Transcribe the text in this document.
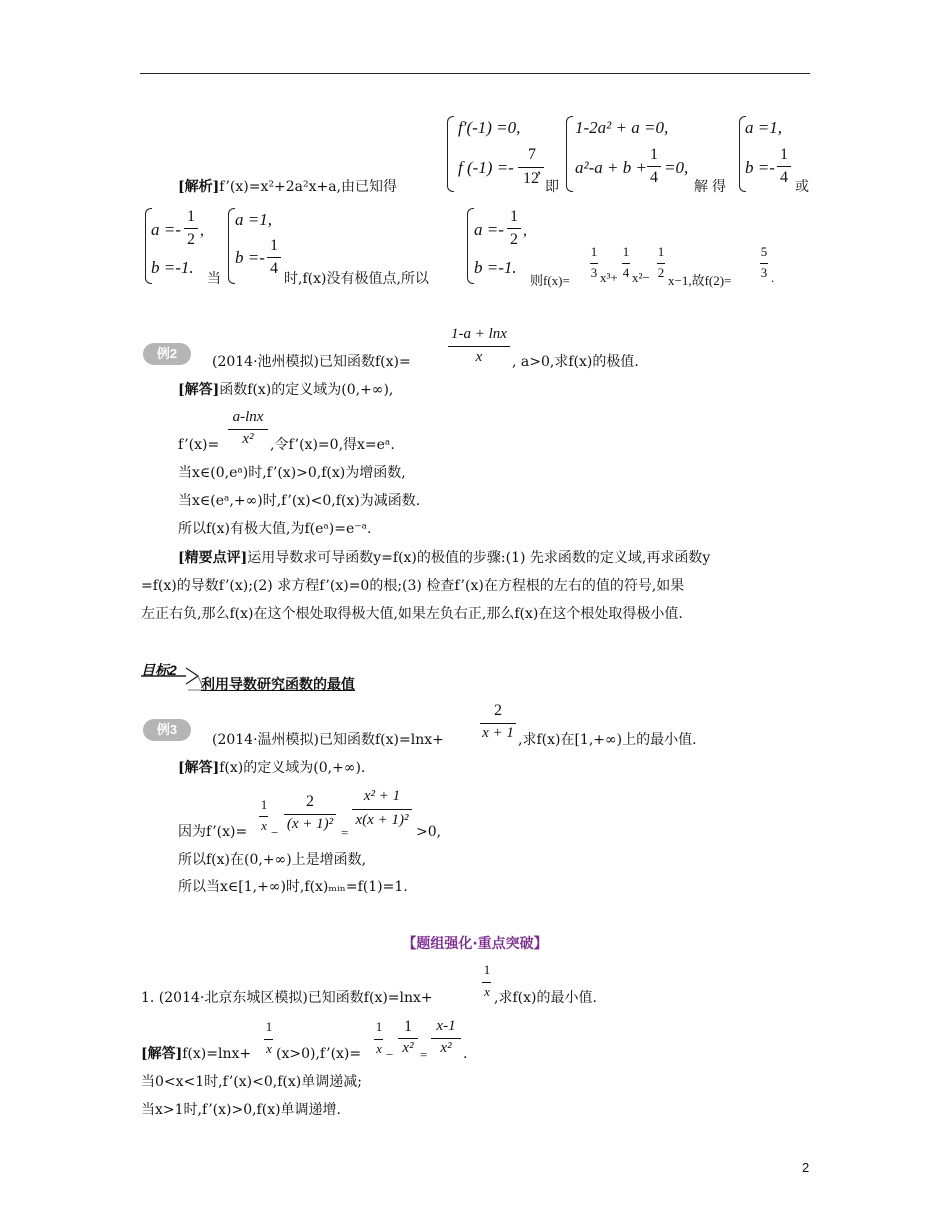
[解析]f’(x)=x²+2a²x+a,由已知得
f′(-1) =0,
f (-1) =-
7
12
,
即
1-2a² + a =0,
a²-a + b +
1
4
=0,
解得
a =1,
b =-
1
4
或
a =-
1
2
,
b =-1.
当
a =1,
b =-
1
4
时,f(x)没有极值点,所以
a =-
1
2
,
b =-1.
则f(x)=
1
3 x³+
1
4 x²−
1
2
x−1,故f(2)=
5
3 .
例2
(2014·池州模拟)已知函数f(x)=
1-a + lnx
x	, a>0,求f(x)的极值.
[解答]函数f(x)的定义域为(0,+∞),
f’(x)=
a-lnx
x²	,令f’(x)=0,得x=eᵃ.
当x∈(0,eᵃ)时,f’(x)>0,f(x)为增函数,
当x∈(eᵃ,+∞)时,f’(x)<0,f(x)为减函数.
所以f(x)有极大值,为f(eᵃ)=e⁻ᵃ.
[精要点评]运用导数求可导函数y=f(x)的极值的步骤:(1) 先求函数的定义域,再求函数y
=f(x)的导数f’(x);(2) 求方程f’(x)=0的根;(3) 检查f’(x)在方程根的左右的值的符号,如果
左正右负,那么f(x)在这个根处取得极大值,如果左负右正,那么f(x)在这个根处取得极小值.
目标2
利用导数研究函数的最值
例3
(2014·温州模拟)已知函数f(x)=lnx+
2
x + 1 ,求f(x)在[1,+∞)上的最小值.
[解答]f(x)的定义域为(0,+∞).
因为f’(x)=
1
x −
2
(x + 1)²
=
x² + 1
x(x + 1)²
>0,
所以f(x)在(0,+∞)上是增函数,
所以当x∈[1,+∞)时,f(x)ₘᵢₙ=f(1)=1.
【题组强化·重点突破】
1. (2014·北京东城区模拟)已知函数f(x)=lnx+
1
x ,求f(x)的最小值.
[解答]f(x)=lnx+
1
x (x>0),f’(x)=
1
x −
1
x² =
x-1
x² .
当0<x<1时,f’(x)<0,f(x)单调递减;
当x>1时,f’(x)>0,f(x)单调递增.
2
